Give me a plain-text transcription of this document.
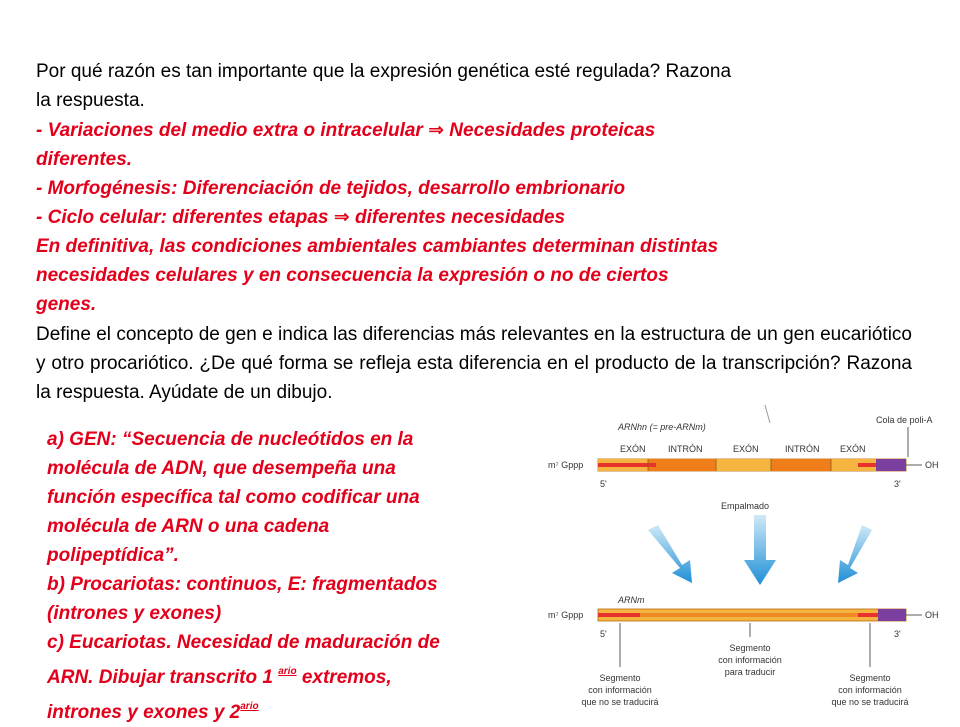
Por qué razón es tan importante que la expresión genética esté regulada? Razona
la respuesta.
- Variaciones del medio extra o intracelular ⇒ Necesidades proteicas
diferentes.
- Morfogénesis: Diferenciación de tejidos, desarrollo embrionario
- Ciclo celular: diferentes etapas ⇒ diferentes necesidades
En definitiva, las condiciones ambientales cambiantes determinan distintas
necesidades celulares y en consecuencia la expresión o no de ciertos
genes.
Define el concepto de gen e indica las diferencias más relevantes en la estructura de un gen eucariótico y otro procariótico. ¿De qué forma se refleja esta diferencia en el producto de la transcripción? Razona la respuesta. Ayúdate de un dibujo.
a) GEN: “Secuencia de nucleótidos en la
molécula de ADN, que desempeña una
función específica tal como codificar una
molécula de ARN o una cadena
polipeptídica”.
b) Procariotas: continuos, E: fragmentados
(intrones y exones)
c) Eucariotas. Necesidad de maduración de
ARN. Dibujar transcrito 1 $^{ario}$ extremos,
intrones y exones y $2^{ario}$
ARNhn (= pre-ARNm)
Cola de poli-A
EXÓN INTRÓN	EXÓN	INTRÓN EXÓN
m⁷ Gppp	OH
5'	3'
Empalmado
ARNm
m⁷ Gppp	OH
5'	3'
Segmento
con información
que no se traducirá
Segmento
con información
para traducir
Segmento
con información
que no se traducirá
